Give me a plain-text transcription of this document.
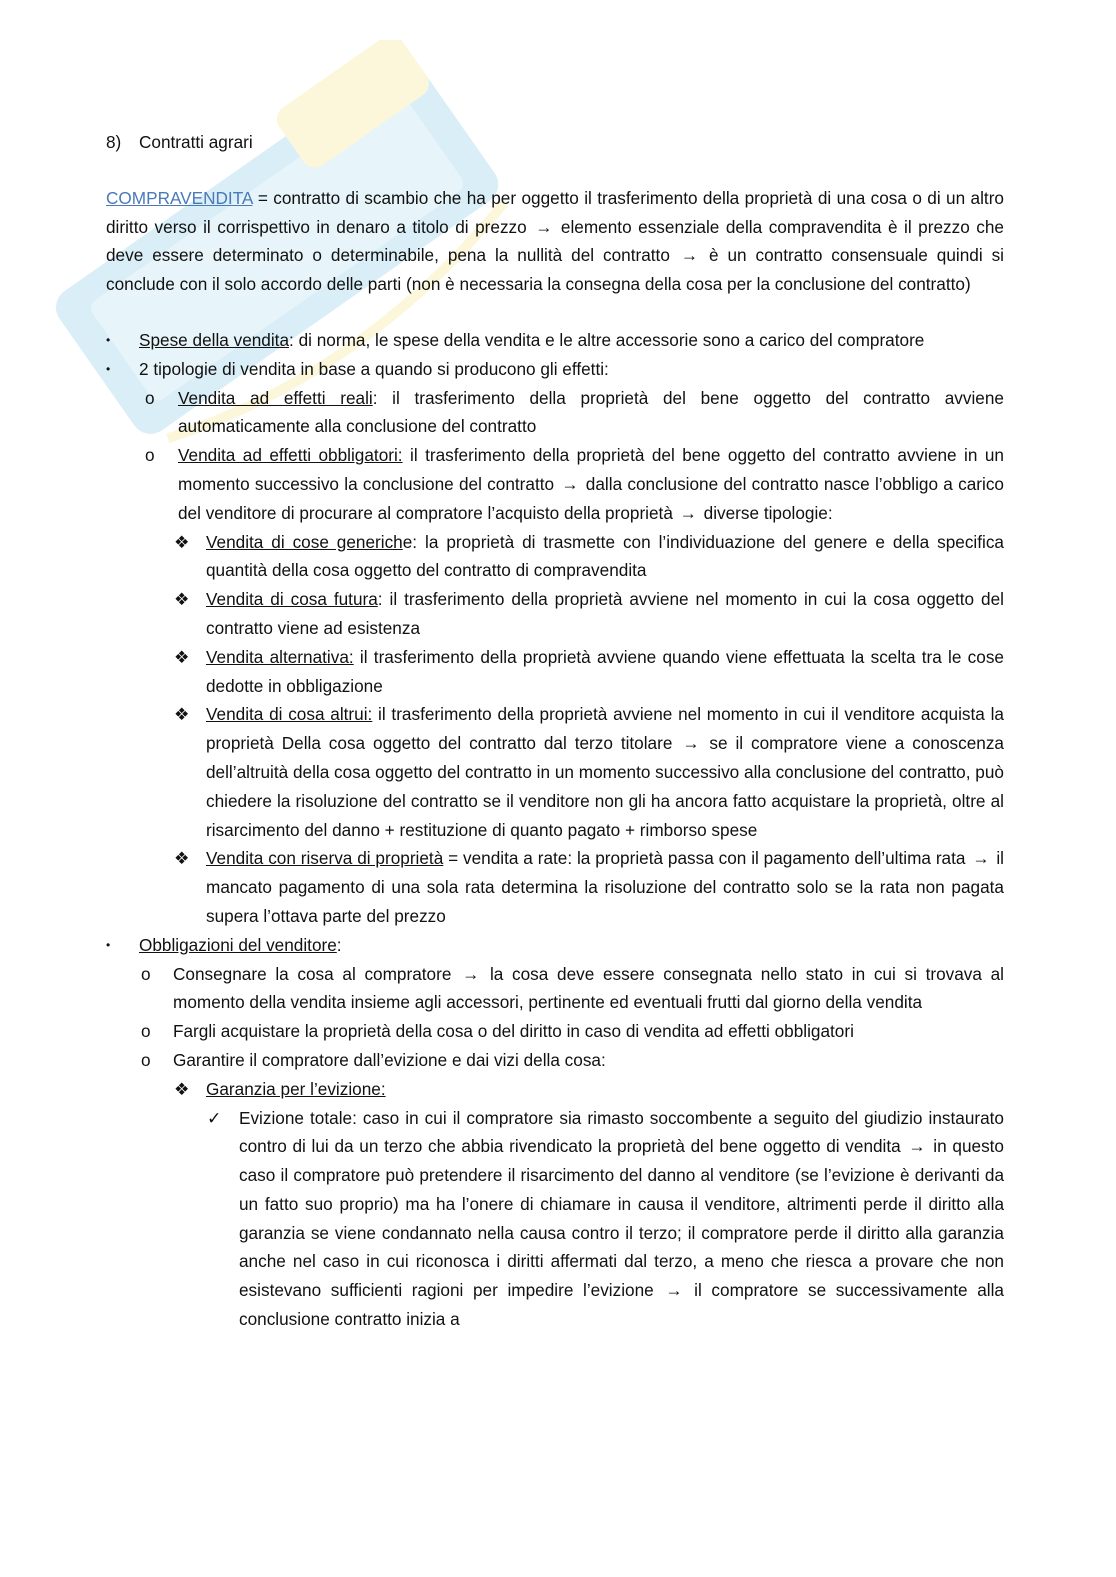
8)	Contratti agrari

COMPRAVENDITA = contratto di scambio che ha per oggetto il trasferimento della proprietà di una cosa o di un altro diritto verso il corrispettivo in denaro a titolo di prezzo → elemento essenziale della compravendita è il prezzo che deve essere determinato o determinabile, pena la nullità del contratto → è un contratto consensuale quindi si conclude con il solo accordo delle parti (non è necessaria la consegna della cosa per la conclusione del contratto)

•	Spese della vendita: di norma, le spese della vendita e le altre accessorie sono a carico del compratore
•	2 tipologie di vendita in base a quando si producono gli effetti:
o	Vendita ad effetti reali: il trasferimento della proprietà del bene oggetto del contratto avviene automaticamente alla conclusione del contratto
o	Vendita ad effetti obbligatori: il trasferimento della proprietà del bene oggetto del contratto avviene in un momento successivo la conclusione del contratto → dalla conclusione del contratto nasce l’obbligo a carico del venditore di procurare al compratore l’acquisto della proprietà → diverse tipologie:
❖ Vendita di cose generiche: la proprietà di trasmette con l’individuazione del genere e della specifica quantità della cosa oggetto del contratto di compravendita
❖ Vendita di cosa futura: il trasferimento della proprietà avviene nel momento in cui la cosa oggetto del contratto viene ad esistenza
❖ Vendita alternativa: il trasferimento della proprietà avviene quando viene effettuata la scelta tra le cose dedotte in obbligazione
❖ Vendita di cosa altrui: il trasferimento della proprietà avviene nel momento in cui il venditore acquista la proprietà Della cosa oggetto del contratto dal terzo titolare → se il compratore viene a conoscenza dell’altruità della cosa oggetto del contratto in un momento successivo alla conclusione del contratto, può chiedere la risoluzione del contratto se il venditore non gli ha ancora fatto acquistare la proprietà, oltre al risarcimento del danno + restituzione di quanto pagato + rimborso spese
❖ Vendita con riserva di proprietà = vendita a rate: la proprietà passa con il pagamento dell’ultima rata → il mancato pagamento di una sola rata determina la risoluzione del contratto solo se la rata non pagata supera l’ottava parte del prezzo
•	Obbligazioni del venditore:
o	Consegnare la cosa al compratore → la cosa deve essere consegnata nello stato in cui si trovava al momento della vendita insieme agli accessori, pertinente ed eventuali frutti dal giorno della vendita
o	Fargli acquistare la proprietà della cosa o del diritto in caso di vendita ad effetti obbligatori
o	Garantire il compratore dall’evizione e dai vizi della cosa:
❖ Garanzia per l’evizione:
✓	Evizione totale: caso in cui il compratore sia rimasto soccombente a seguito del giudizio instaurato contro di lui da un terzo che abbia rivendicato la proprietà del bene oggetto di vendita → in questo caso il compratore può pretendere il risarcimento del danno al venditore (se l’evizione è derivanti da un fatto suo proprio) ma ha l’onere di chiamare in causa il venditore, altrimenti perde il diritto alla garanzia se viene condannato nella causa contro il terzo; il compratore perde il diritto alla garanzia anche nel caso in cui riconosca i diritti affermati dal terzo, a meno che riesca a provare che non esistevano sufficienti ragioni per impedire l’evizione → il compratore se successivamente alla conclusione contratto inizia a
